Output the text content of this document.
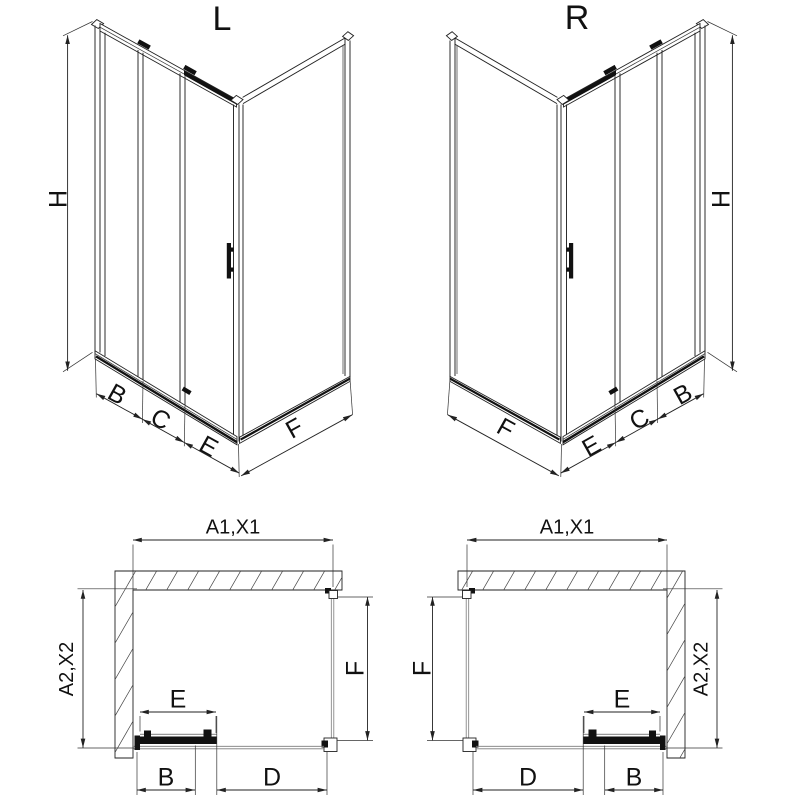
L
H
B
C
E
F
R
H
F
E
C
B
A1,X1
A2,X2	F
E
B	D
A1,X1
A2,X2
F
E
D	B
